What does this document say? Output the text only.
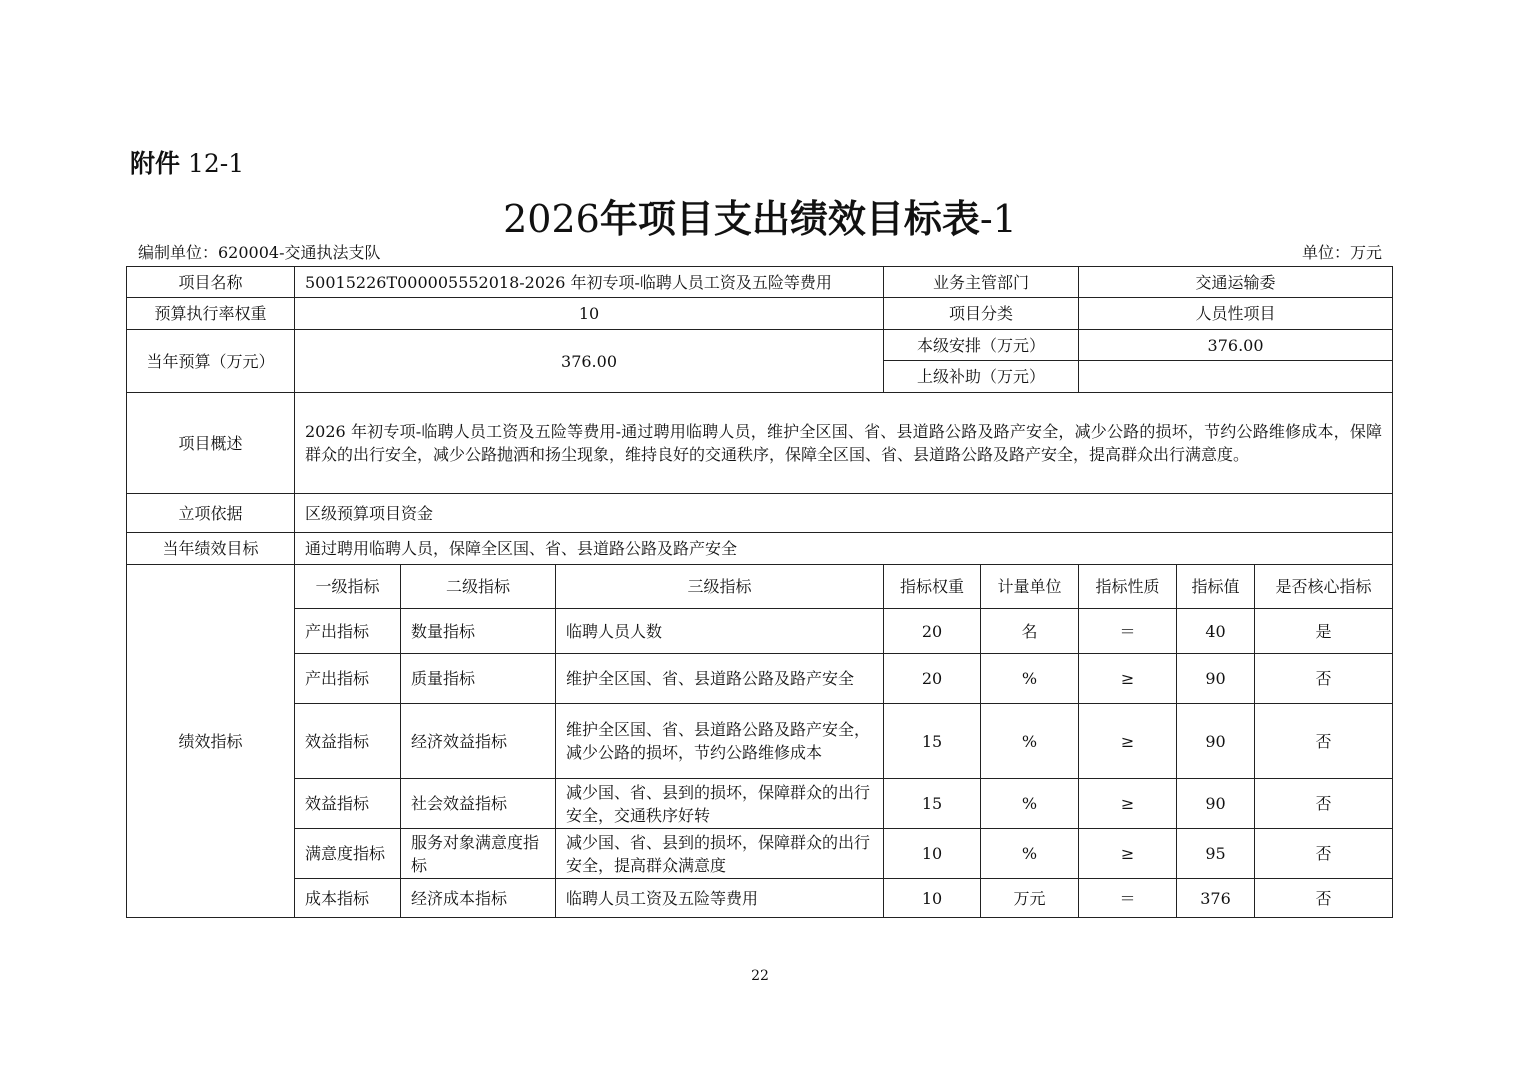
附件 12-1
2026年项目支出绩效目标表-1
编制单位：620004-交通执法支队	单位：万元
项目名称	50015226T000005552018-2026 年初专项-临聘人员工资及五险等费用			业务主管部门		交通运输委		
预算执行率权重	10			项目分类		人员性项目		
当年预算（万元）	376.00			本级安排（万元）		376.00		
				上级补助（万元）				
项目概述	2026 年初专项-临聘人员工资及五险等费用-通过聘用临聘人员，维护全区国、省、县道路公路及路产安全，减少公路的损坏，节约公路维修成本，保障群众的出行安全，减少公路抛洒和扬尘现象，维持良好的交通秩序，保障全区国、省、县道路公路及路产安全，提高群众出行满意度。							
立项依据	区级预算项目资金							
当年绩效目标	通过聘用临聘人员，保障全区国、省、县道路公路及路产安全							
绩效指标	一级指标	二级指标	三级指标	指标权重	计量单位	指标性质	指标值	是否核心指标
	产出指标	数量指标	临聘人员人数	20	名	＝	40	是
	产出指标	质量指标	维护全区国、省、县道路公路及路产安全	20	%	≥	90	否
	效益指标	经济效益指标	维护全区国、省、县道路公路及路产安全，减少公路的损坏，节约公路维修成本	15	%	≥	90	否
	效益指标	社会效益指标	减少国、省、县到的损坏，保障群众的出行安全，交通秩序好转	15	%	≥	90	否
	满意度指标	服务对象满意度指标	减少国、省、县到的损坏，保障群众的出行安全，提高群众满意度	10	%	≥	95	否
	成本指标	经济成本指标	临聘人员工资及五险等费用	10	万元	＝	376	否
22
